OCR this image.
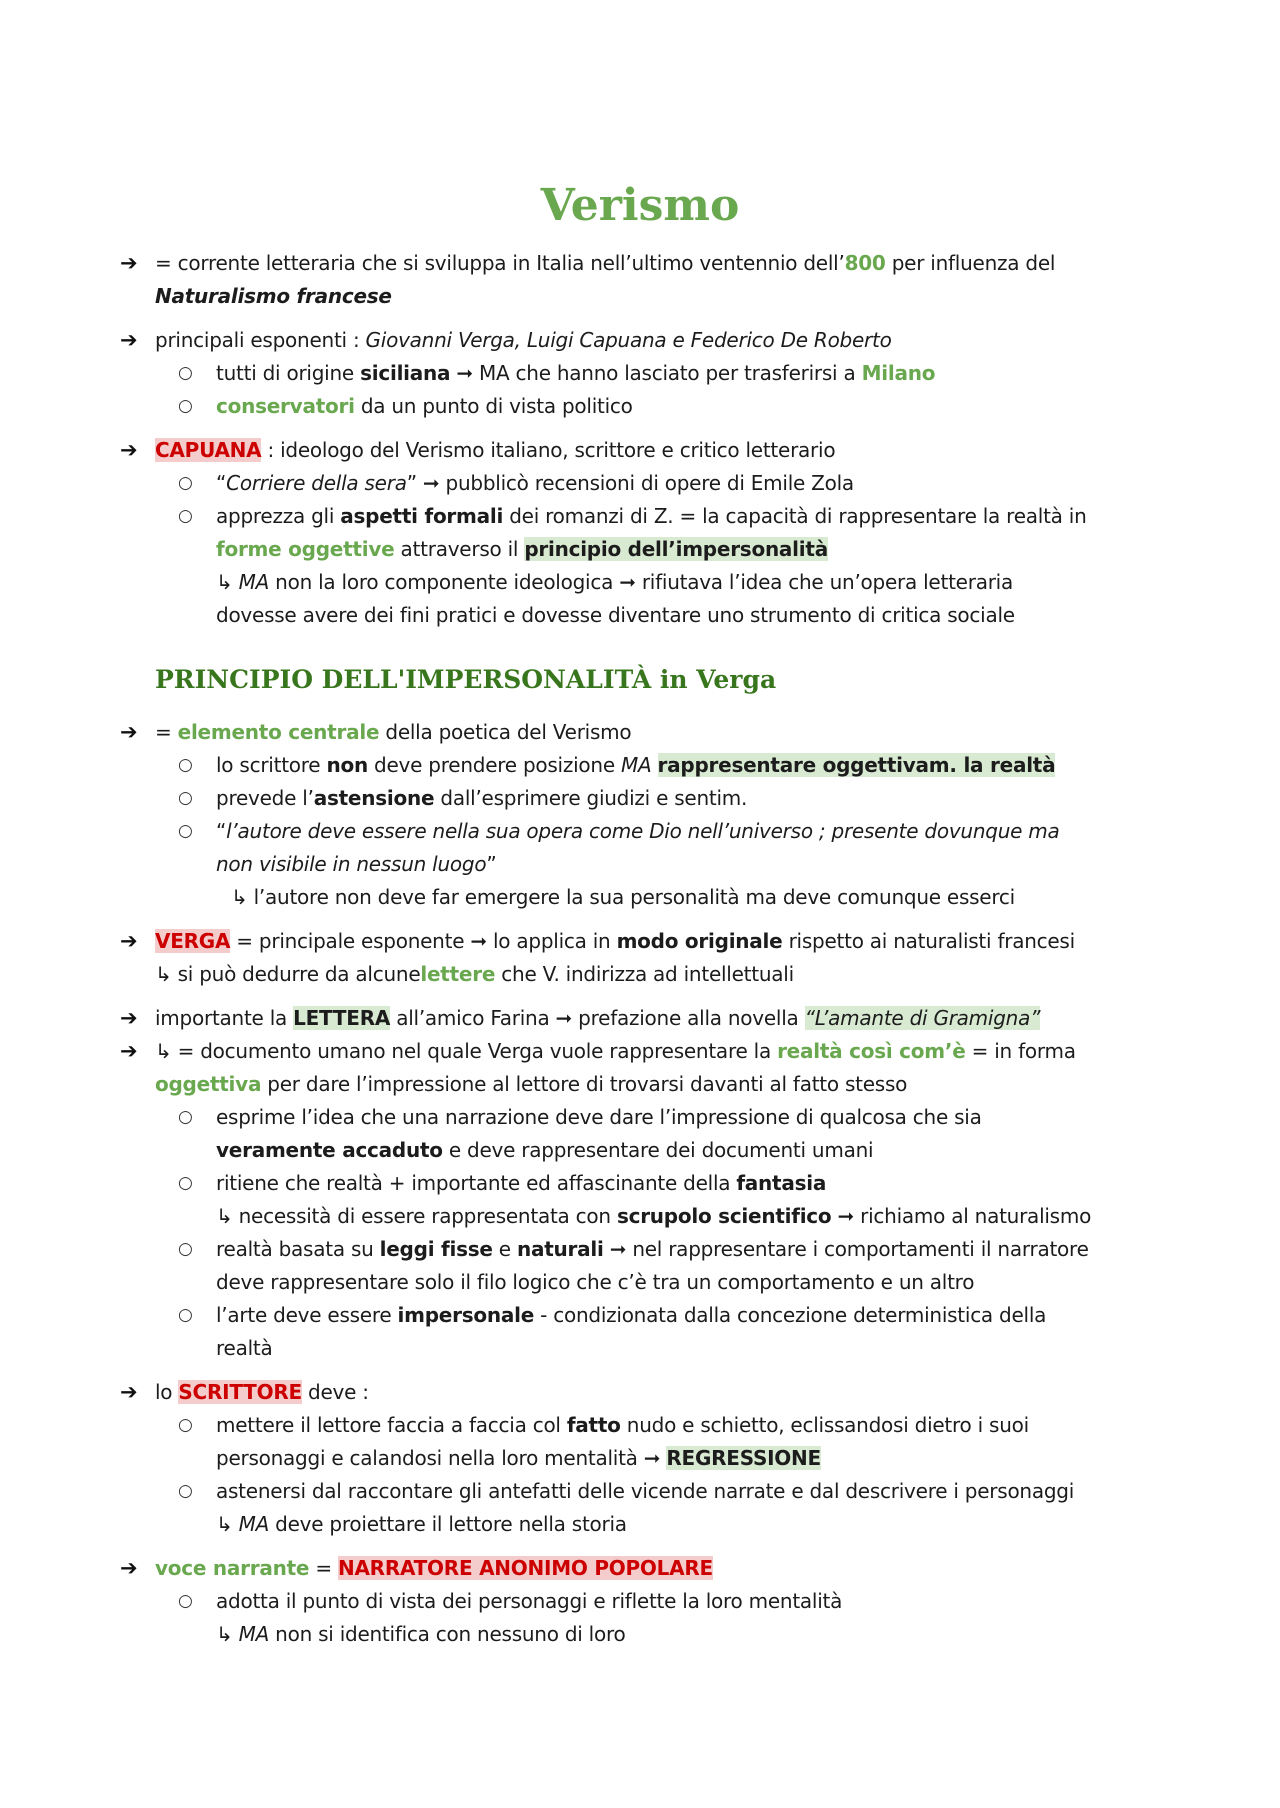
Verismo
➔ = corrente letteraria che si sviluppa in Italia nell’ultimo ventennio dell’800 per influenza del
Naturalismo francese
➔ principali esponenti : Giovanni Verga, Luigi Capuana e Federico De Roberto
○ tutti di origine siciliana ➞ MA che hanno lasciato per trasferirsi a Milano
○ conservatori da un punto di vista politico
➔ CAPUANA : ideologo del Verismo italiano, scrittore e critico letterario
○ “Corriere della sera” ➞ pubblicò recensioni di opere di Emile Zola
○ apprezza gli aspetti formali dei romanzi di Z. = la capacità di rappresentare la realtà in
forme oggettive attraverso il principio dell’impersonalità
↳ MA non la loro componente ideologica ➞ rifiutava l’idea che un’opera letteraria
dovesse avere dei fini pratici e dovesse diventare uno strumento di critica sociale
PRINCIPIO DELL'IMPERSONALITÀ in Verga
➔ = elemento centrale della poetica del Verismo
○ lo scrittore non deve prendere posizione MA rappresentare oggettivam. la realtà
○ prevede l’astensione dall’esprimere giudizi e sentim.
○ “l’autore deve essere nella sua opera come Dio nell’universo ; presente dovunque ma
non visibile in nessun luogo”
↳ l’autore non deve far emergere la sua personalità ma deve comunque esserci
➔ VERGA = principale esponente ➞ lo applica in modo originale rispetto ai naturalisti francesi
↳ si può dedurre da alcunelettere che V. indirizza ad intellettuali
➔ importante la LETTERA all’amico Farina ➞ prefazione alla novella “L’amante di Gramigna”
➔ ↳ = documento umano nel quale Verga vuole rappresentare la realtà così com’è = in forma
oggettiva per dare l’impressione al lettore di trovarsi davanti al fatto stesso
○ esprime l’idea che una narrazione deve dare l’impressione di qualcosa che sia
veramente accaduto e deve rappresentare dei documenti umani
○ ritiene che realtà + importante ed affascinante della fantasia
↳ necessità di essere rappresentata con scrupolo scientifico ➞ richiamo al naturalismo
○ realtà basata su leggi fisse e naturali ➞ nel rappresentare i comportamenti il narratore
deve rappresentare solo il filo logico che c’è tra un comportamento e un altro
○ l’arte deve essere impersonale - condizionata dalla concezione deterministica della
realtà
➔ lo SCRITTORE deve :
○ mettere il lettore faccia a faccia col fatto nudo e schietto, eclissandosi dietro i suoi
personaggi e calandosi nella loro mentalità ➞ REGRESSIONE
○ astenersi dal raccontare gli antefatti delle vicende narrate e dal descrivere i personaggi
↳ MA deve proiettare il lettore nella storia
➔ voce narrante = NARRATORE ANONIMO POPOLARE
○ adotta il punto di vista dei personaggi e riflette la loro mentalità
↳ MA non si identifica con nessuno di loro
